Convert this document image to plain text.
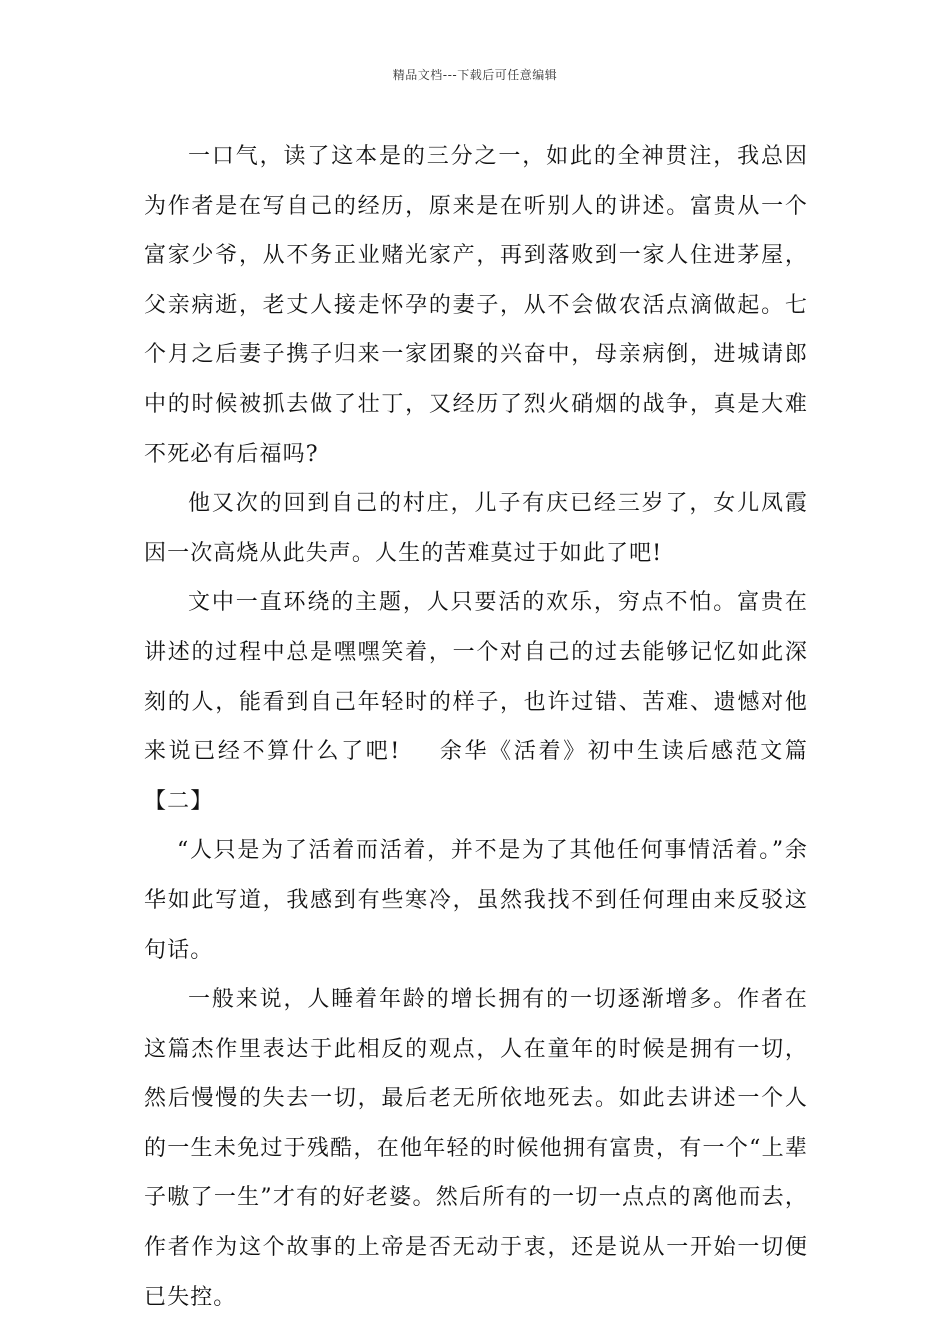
精品文档---下载后可任意编辑

一口气，读了这本是的三分之一，如此的全神贯注，我总因为作者是在写自己的经历，原来是在听别人的讲述。富贵从一个富家少爷，从不务正业赌光家产，再到落败到一家人住进茅屋，父亲病逝，老丈人接走怀孕的妻子，从不会做农活点滴做起。七个月之后妻子携子归来一家团聚的兴奋中，母亲病倒，进城请郎中的时候被抓去做了壮丁，又经历了烈火硝烟的战争，真是大难不死必有后福吗?

他又次的回到自己的村庄，儿子有庆已经三岁了，女儿凤霞因一次高烧从此失声。人生的苦难莫过于如此了吧!

文中一直环绕的主题，人只要活的欢乐，穷点不怕。富贵在讲述的过程中总是嘿嘿笑着，一个对自己的过去能够记忆如此深刻的人，能看到自己年轻时的样子，也许过错、苦难、遗憾对他来说已经不算什么了吧! 余华《活着》初中生读后感范文篇【二】

“人只是为了活着而活着，并不是为了其他任何事情活着。”余华如此写道，我感到有些寒冷，虽然我找不到任何理由来反驳这句话。

一般来说，人睡着年龄的增长拥有的一切逐渐增多。作者在这篇杰作里表达于此相反的观点，人在童年的时候是拥有一切，然后慢慢的失去一切，最后老无所依地死去。如此去讲述一个人的一生未免过于残酷，在他年轻的时候他拥有富贵，有一个“上辈子嗷了一生”才有的好老婆。然后所有的一切一点点的离他而去，作者作为这个故事的上帝是否无动于衷，还是说从一开始一切便已失控。
